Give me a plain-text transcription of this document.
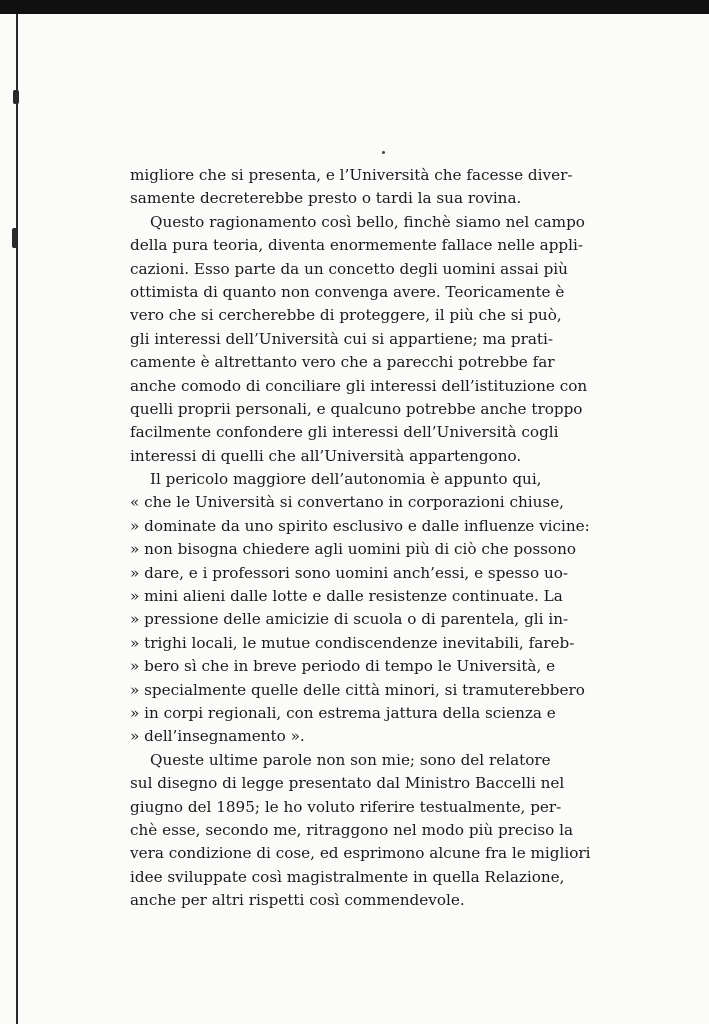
migliore che si presenta, e l’Università che facesse diver-
samente decreterebbe presto o tardi la sua rovina.
Questo ragionamento così bello, finchè siamo nel campo
della pura teoria, diventa enormemente fallace nelle appli-
cazioni. Esso parte da un concetto degli uomini assai più
ottimista di quanto non convenga avere. Teoricamente è
vero che si cercherebbe di proteggere, il più che si può,
gli interessi dell’Università cui si appartiene; ma prati-
camente è altrettanto vero che a parecchi potrebbe far
anche comodo di conciliare gli interessi dell’istituzione con
quelli proprii personali, e qualcuno potrebbe anche troppo
facilmente confondere gli interessi dell’Università cogli
interessi di quelli che all’Università appartengono.
Il pericolo maggiore dell’autonomia è appunto qui,
« che le Università si convertano in corporazioni chiuse,
» dominate da uno spirito esclusivo e dalle influenze vicine:
» non bisogna chiedere agli uomini più di ciò che possono
» dare, e i professori sono uomini anch’essi, e spesso uo-
» mini alieni dalle lotte e dalle resistenze continuate. La
» pressione delle amicizie di scuola o di parentela, gli in-
» trighi locali, le mutue condiscendenze inevitabili, fareb-
» bero sì che in breve periodo di tempo le Università, e
» specialmente quelle delle città minori, si tramuterebbero
» in corpi regionali, con estrema jattura della scienza e
» dell’insegnamento ».
Queste ultime parole non son mie; sono del relatore
sul disegno di legge presentato dal Ministro Baccelli nel
giugno del 1895; le ho voluto riferire testualmente, per-
chè esse, secondo me, ritraggono nel modo più preciso la
vera condizione di cose, ed esprimono alcune fra le migliori
idee sviluppate così magistralmente in quella Relazione,
anche per altri rispetti così commendevole.
